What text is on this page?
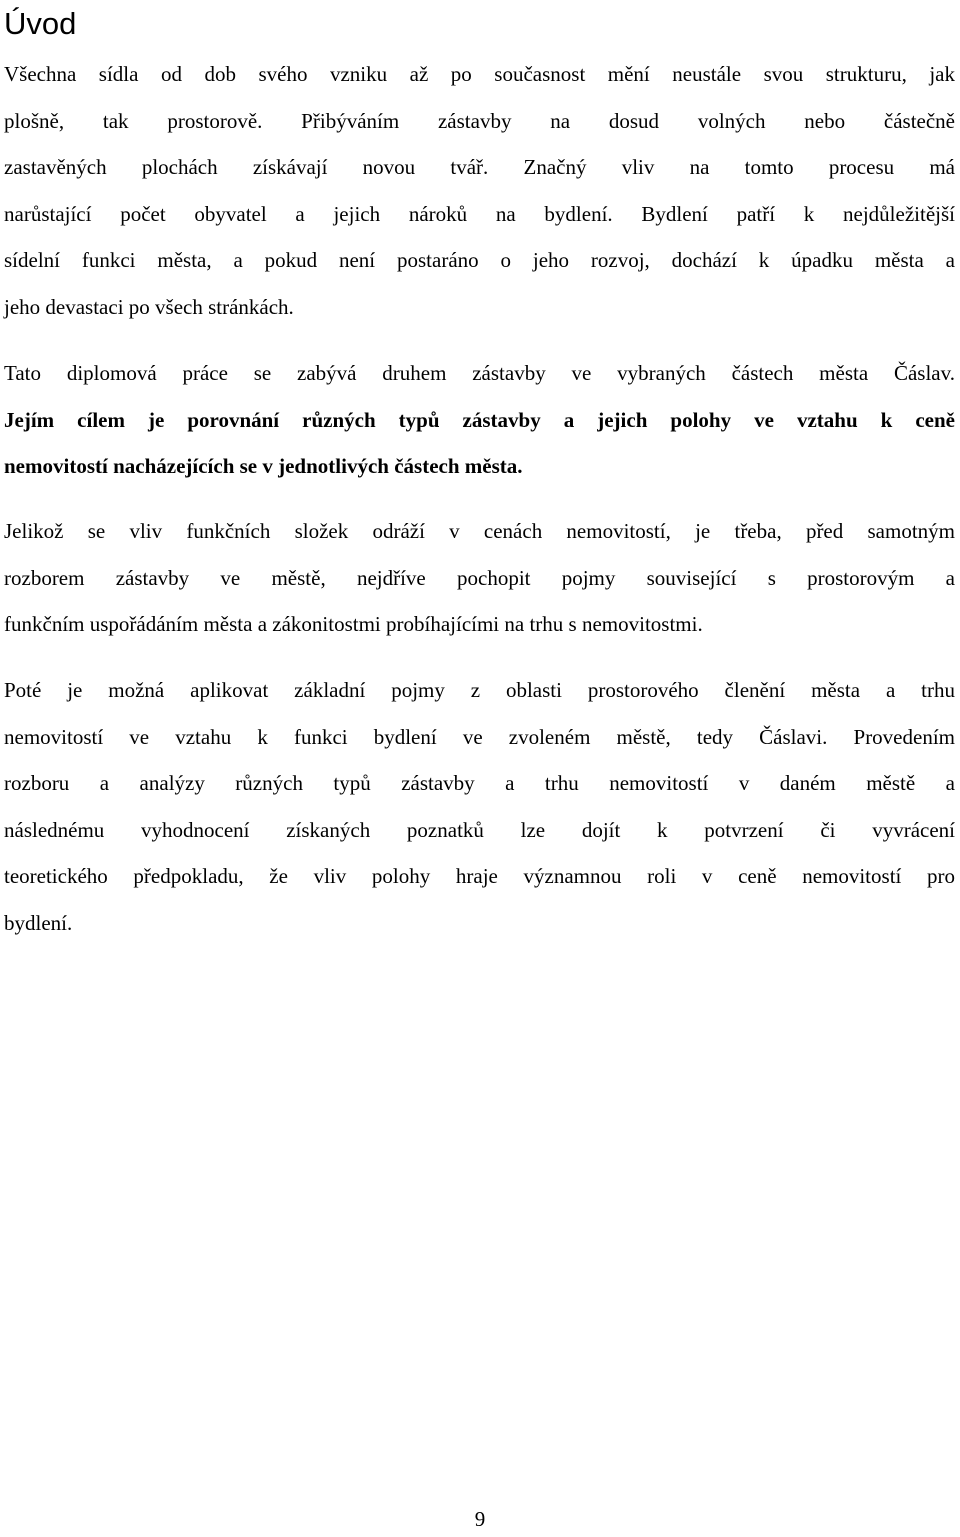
Úvod

Všechna sídla od dob svého vzniku až po současnost mění neustále svou strukturu, jak
plošně, tak prostorově. Přibýváním zástavby na dosud volných nebo částečně
zastavěných plochách získávají novou tvář. Značný vliv na tomto procesu má
narůstající počet obyvatel a jejich nároků na bydlení. Bydlení patří k nejdůležitější
sídelní funkci města, a pokud není postaráno o jeho rozvoj, dochází k úpadku města a
jeho devastaci po všech stránkách.

Tato diplomová práce se zabývá druhem zástavby ve vybraných částech města Čáslav.
Jejím cílem je porovnání různých typů zástavby a jejich polohy ve vztahu k ceně
nemovitostí nacházejících se v jednotlivých částech města.

Jelikož se vliv funkčních složek odráží v cenách nemovitostí, je třeba, před samotným
rozborem zástavby ve městě, nejdříve pochopit pojmy související s prostorovým a
funkčním uspořádáním města a zákonitostmi probíhajícími na trhu s nemovitostmi.

Poté je možná aplikovat základní pojmy z oblasti prostorového členění města a trhu
nemovitostí ve vztahu k funkci bydlení ve zvoleném městě, tedy Čáslavi. Provedením
rozboru a analýzy různých typů zástavby a trhu nemovitostí v daném městě a
následnému vyhodnocení získaných poznatků lze dojít k potvrzení či vyvrácení
teoretického předpokladu, že vliv polohy hraje významnou roli v ceně nemovitostí pro
bydlení.

9
